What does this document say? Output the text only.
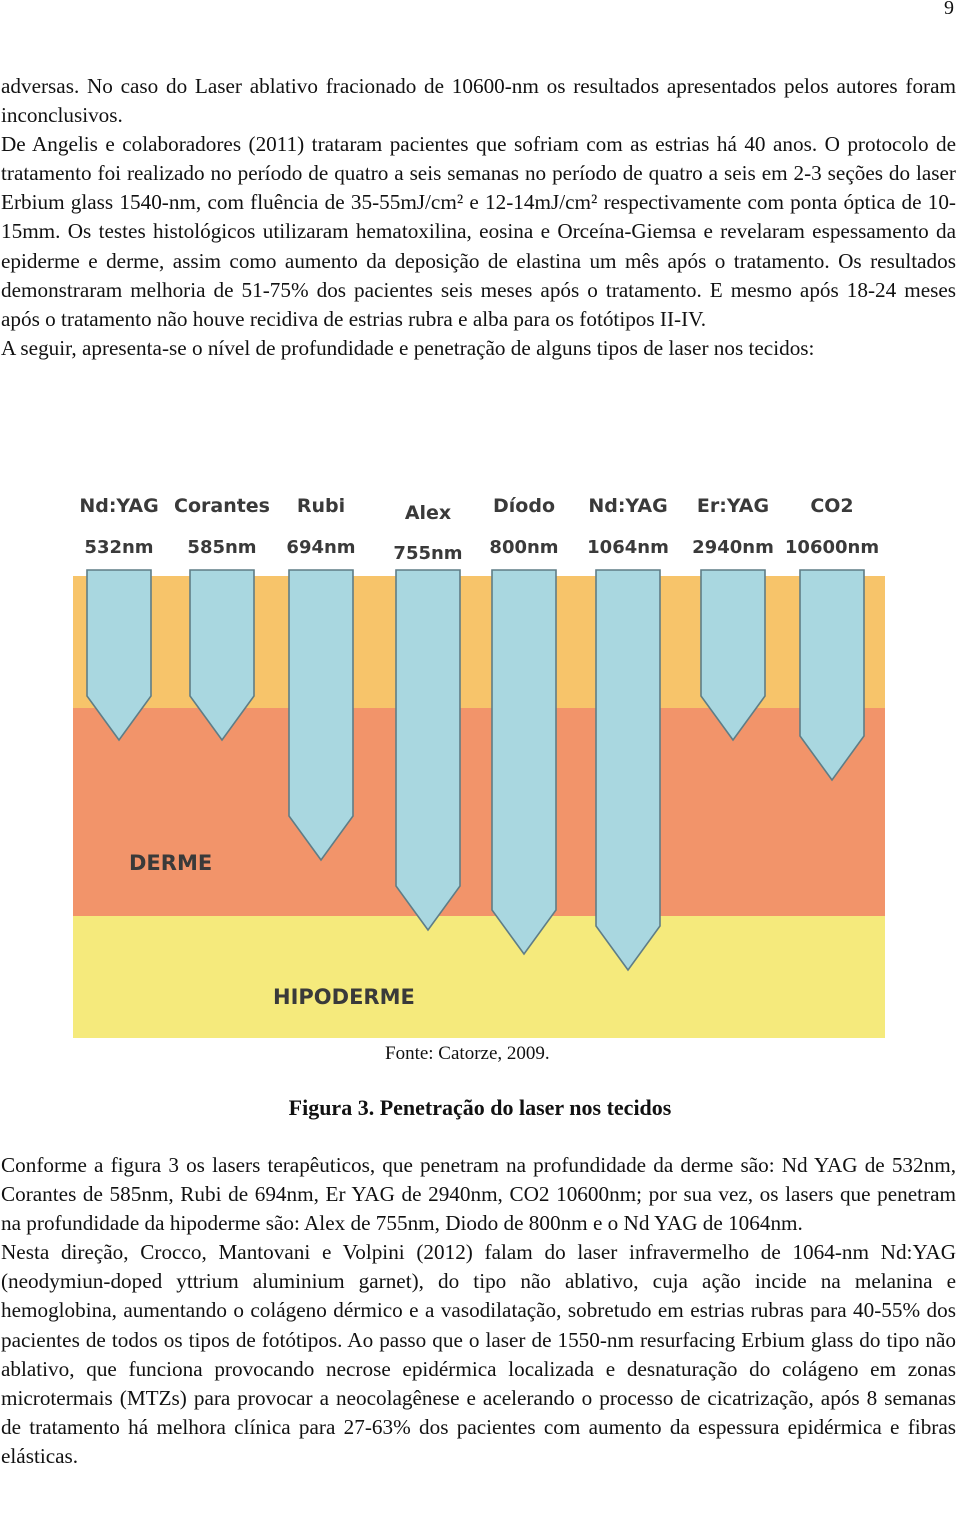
9

adversas. No caso do Laser ablativo fracionado de 10600-nm os resultados apresentados pelos autores foram inconclusivos.

De Angelis e colaboradores (2011) trataram pacientes que sofriam com as estrias há 40 anos. O protocolo de tratamento foi realizado no período de quatro a seis semanas no período de quatro a seis em 2-3 seções do laser Erbium glass 1540-nm, com fluência de 35-55mJ/cm² e 12-14mJ/cm² respectivamente com ponta óptica de 10-15mm. Os testes histológicos utilizaram hematoxilina, eosina e Orceína-Giemsa e revelaram espessamento da epiderme e derme, assim como aumento da deposição de elastina um mês após o tratamento. Os resultados demonstraram melhoria de 51-75% dos pacientes seis meses após o tratamento. E mesmo após 18-24 meses após o tratamento não houve recidiva de estrias rubra e alba para os fotótipos II-IV.

A seguir, apresenta-se o nível de profundidade e penetração de alguns tipos de laser nos tecidos:

DERME
HIPODERME
Nd:YAG
532nm
Corantes
585nm
Rubi
694nm
Alex
755nm
Díodo
800nm
Nd:YAG
1064nm
Er:YAG
2940nm
CO2
10600nm
Fonte: Catorze, 2009.
Figura 3. Penetração do laser nos tecidos

Conforme a figura 3 os lasers terapêuticos, que penetram na profundidade da derme são: Nd YAG de 532nm, Corantes de 585nm, Rubi de 694nm, Er YAG de 2940nm, CO2 10600nm; por sua vez, os lasers que penetram na profundidade da hipoderme são: Alex de 755nm, Diodo de 800nm e o Nd YAG de 1064nm.

Nesta direção, Crocco, Mantovani e Volpini (2012) falam do laser infravermelho de 1064-nm Nd:YAG (neodymiun-doped yttrium aluminium garnet), do tipo não ablativo, cuja ação incide na melanina e hemoglobina, aumentando o colágeno dérmico e a vasodilatação, sobretudo em estrias rubras para 40-55% dos pacientes de todos os tipos de fotótipos. Ao passo que o laser de 1550-nm resurfacing Erbium glass do tipo não ablativo, que funciona provocando necrose epidérmica localizada e desnaturação do colágeno em zonas microtermais (MTZs) para provocar a neocolagênese e acelerando o processo de cicatrização, após 8 semanas de tratamento há melhora clínica para 27-63% dos pacientes com aumento da espessura epidérmica e fibras elásticas.
